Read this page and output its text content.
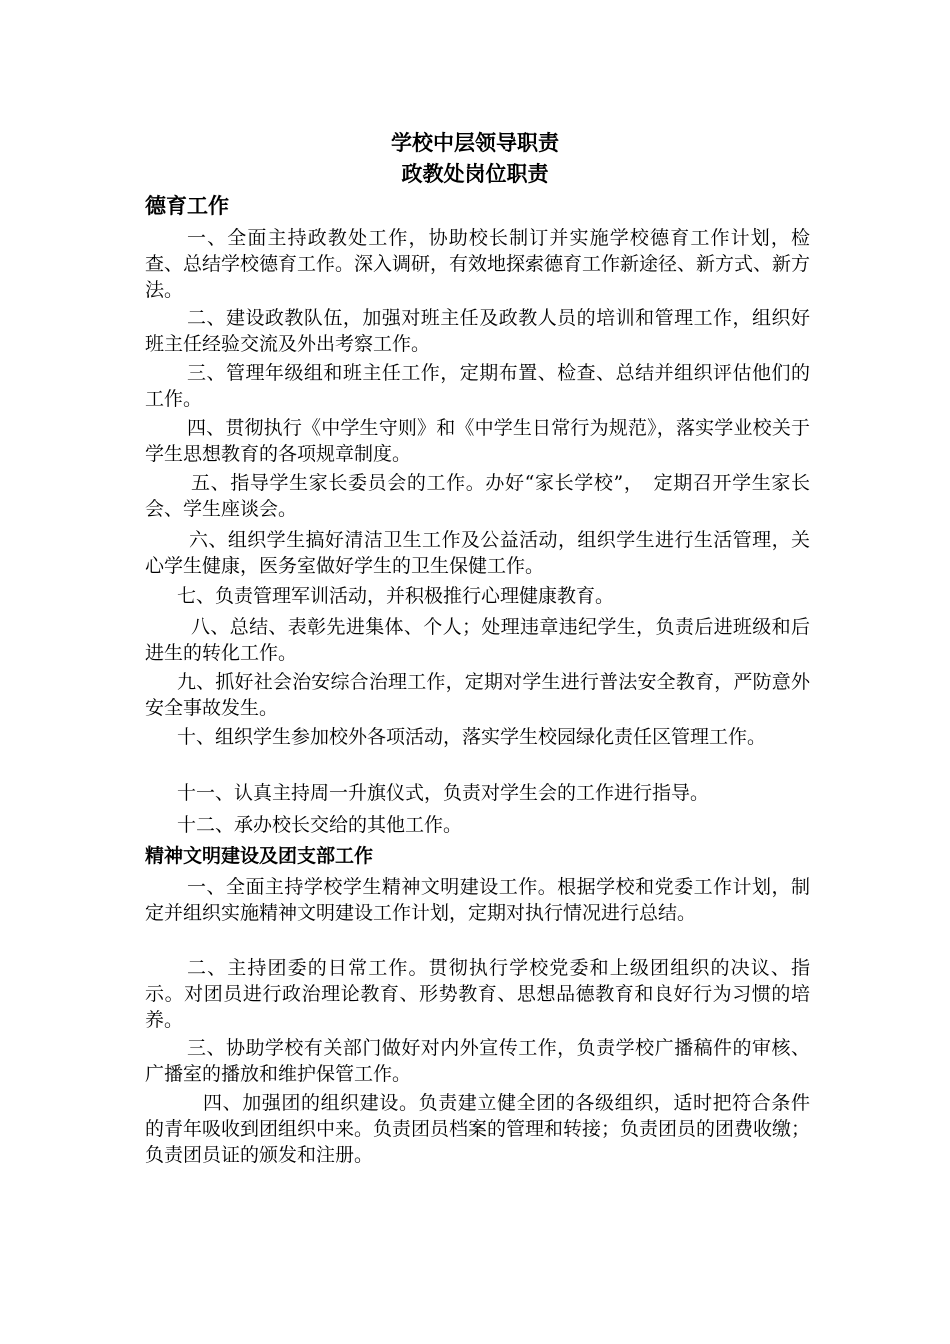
学校中层领导职责
政教处岗位职责
德育工作

一、全面主持政教处工作，协助校长制订并实施学校德育工作计划，检查、总结学校德育工作。深入调研，有效地探索德育工作新途径、新方式、新方法。

二、建设政教队伍，加强对班主任及政教人员的培训和管理工作，组织好班主任经验交流及外出考察工作。

三、管理年级组和班主任工作，定期布置、检查、总结并组织评估他们的工作。

四、贯彻执行《中学生守则》和《中学生日常行为规范》，落实学业校关于学生思想教育的各项规章制度。

五、指导学生家长委员会的工作。办好“家长学校”，　定期召开学生家长会、学生座谈会。

六、组织学生搞好清洁卫生工作及公益活动，组织学生进行生活管理，关心学生健康，医务室做好学生的卫生保健工作。

七、负责管理军训活动，并积极推行心理健康教育。

八、总结、表彰先进集体、个人；处理违章违纪学生，负责后进班级和后进生的转化工作。

九、抓好社会治安综合治理工作，定期对学生进行普法安全教育，严防意外安全事故发生。

十、组织学生参加校外各项活动，落实学生校园绿化责任区管理工作。

十一、认真主持周一升旗仪式，负责对学生会的工作进行指导。

十二、承办校长交给的其他工作。

精神文明建设及团支部工作

一、全面主持学校学生精神文明建设工作。根据学校和党委工作计划，制定并组织实施精神文明建设工作计划，定期对执行情况进行总结。

二、主持团委的日常工作。贯彻执行学校党委和上级团组织的决议、指示。对团员进行政治理论教育、形势教育、思想品德教育和良好行为习惯的培养。

三、协助学校有关部门做好对内外宣传工作，负责学校广播稿件的审核、广播室的播放和维护保管工作。

四、加强团的组织建设。负责建立健全团的各级组织，适时把符合条件的青年吸收到团组织中来。负责团员档案的管理和转接；负责团员的团费收缴；负责团员证的颁发和注册。
